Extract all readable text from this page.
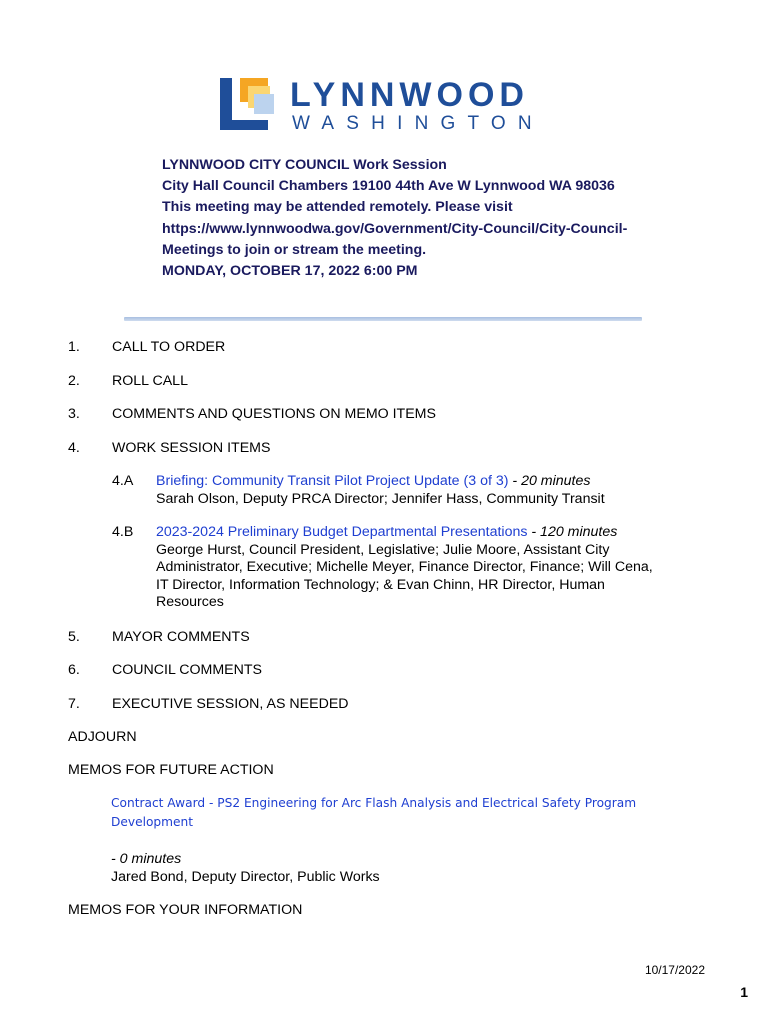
LYNNWOOD
WASHINGTON
LYNNWOOD CITY COUNCIL Work Session
City Hall Council Chambers 19100 44th Ave W Lynnwood WA 98036
This meeting may be attended remotely. Please visit
https://www.lynnwoodwa.gov/Government/City-Council/City-Council-
Meetings to join or stream the meeting.
MONDAY, OCTOBER 17, 2022 6:00 PM
1. CALL TO ORDER
2. ROLL CALL
3. COMMENTS AND QUESTIONS ON MEMO ITEMS
4. WORK SESSION ITEMS
4.A Briefing: Community Transit Pilot Project Update (3 of 3) - 20 minutes
Sarah Olson, Deputy PRCA Director; Jennifer Hass, Community Transit
4.B 2023-2024 Preliminary Budget Departmental Presentations - 120 minutes
George Hurst, Council President, Legislative; Julie Moore, Assistant City
Administrator, Executive; Michelle Meyer, Finance Director, Finance; Will Cena,
IT Director, Information Technology; & Evan Chinn, HR Director, Human
Resources
5. MAYOR COMMENTS
6. COUNCIL COMMENTS
7. EXECUTIVE SESSION, AS NEEDED
ADJOURN
MEMOS FOR FUTURE ACTION
Contract Award - PS2 Engineering for Arc Flash Analysis and Electrical Safety Program
Development
- 0 minutes
Jared Bond, Deputy Director, Public Works
MEMOS FOR YOUR INFORMATION
10/17/2022
1
